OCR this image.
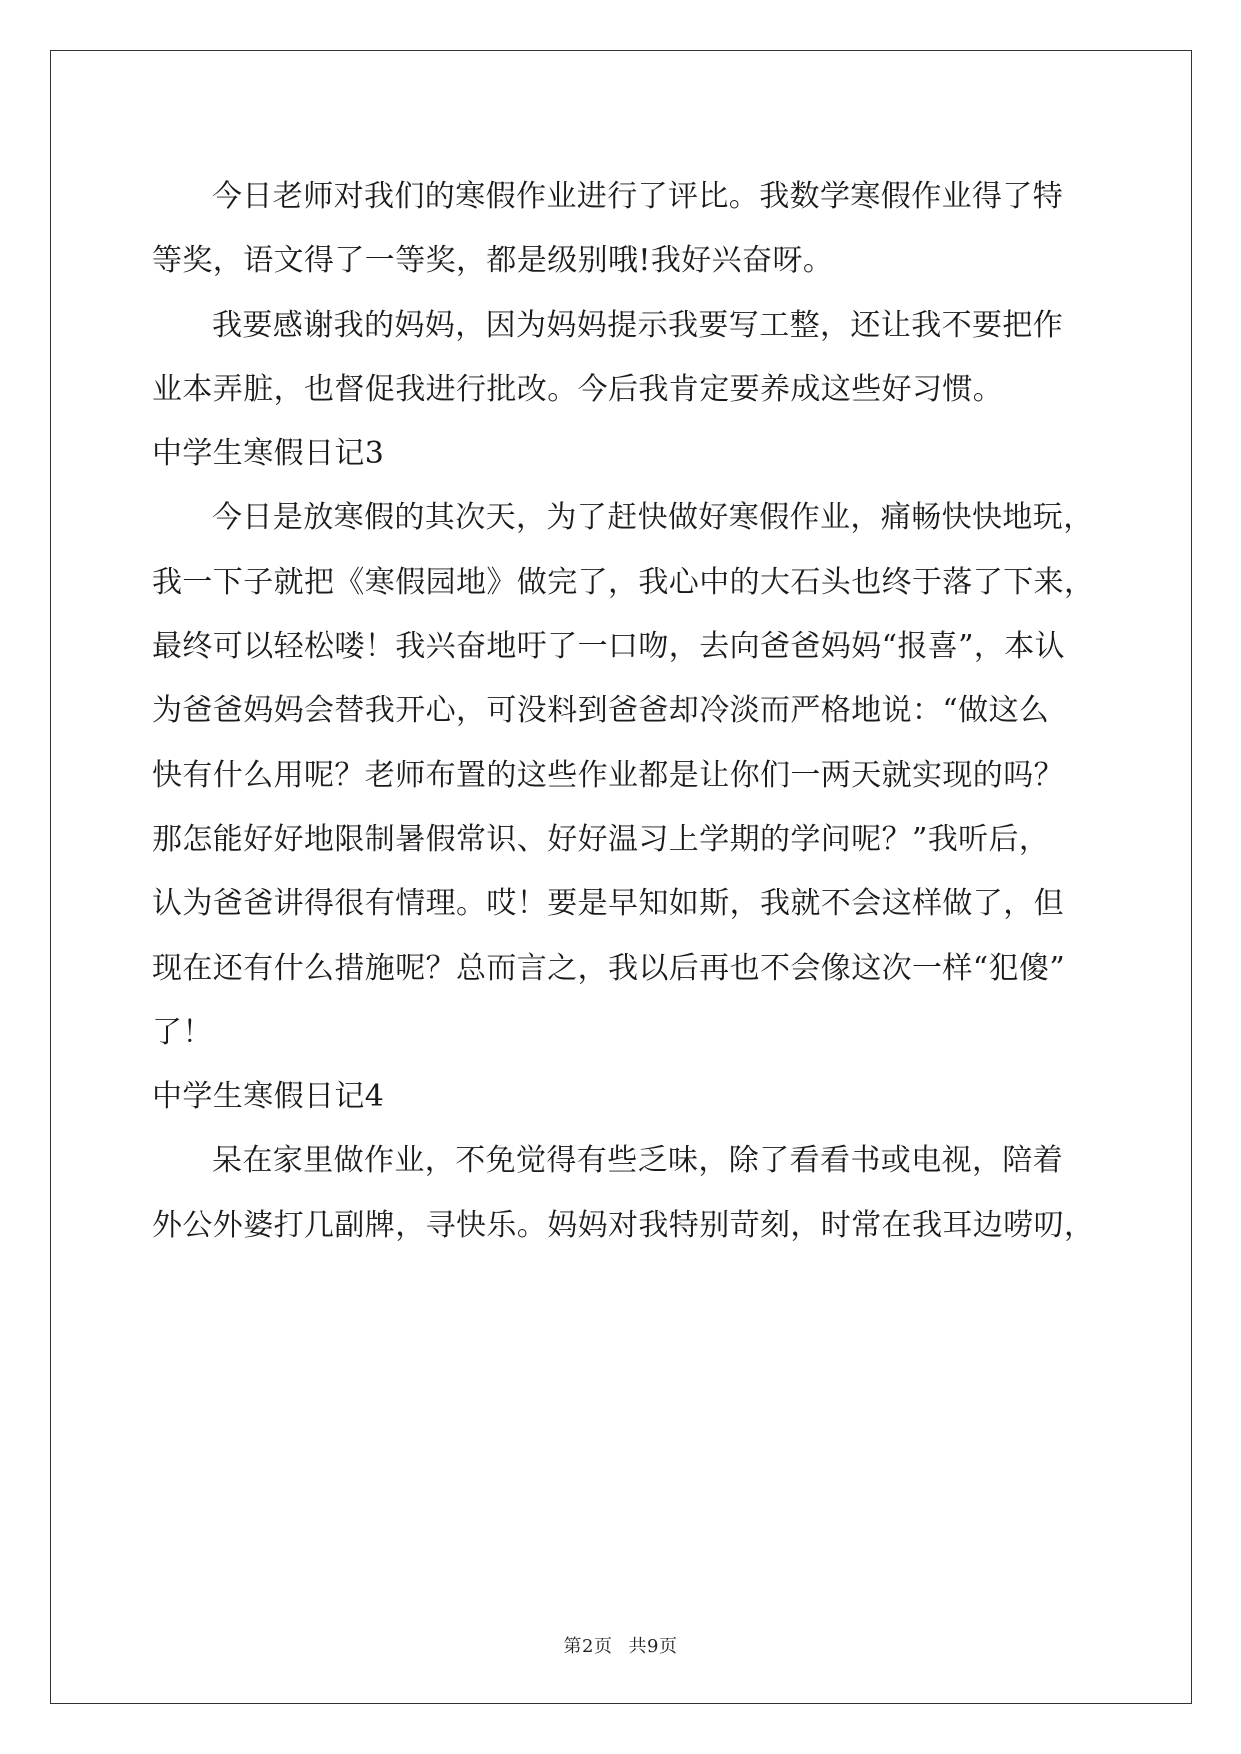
今日老师对我们的寒假作业进行了评比。我数学寒假作业得了特
等奖，语文得了一等奖，都是级别哦!我好兴奋呀。
我要感谢我的妈妈，因为妈妈提示我要写工整，还让我不要把作
业本弄脏，也督促我进行批改。今后我肯定要养成这些好习惯。
中学生寒假日记3
今日是放寒假的其次天，为了赶快做好寒假作业，痛畅快快地玩，
我一下子就把《寒假园地》做完了，我心中的大石头也终于落了下来，
最终可以轻松喽！我兴奋地吁了一口吻，去向爸爸妈妈“报喜”，本认
为爸爸妈妈会替我开心，可没料到爸爸却冷淡而严格地说：“做这么
快有什么用呢？老师布置的这些作业都是让你们一两天就实现的吗？
那怎能好好地限制暑假常识、好好温习上学期的学问呢？”我听后，
认为爸爸讲得很有情理。哎！要是早知如斯，我就不会这样做了，但
现在还有什么措施呢？总而言之，我以后再也不会像这次一样“犯傻”
了！
中学生寒假日记4
呆在家里做作业，不免觉得有些乏味，除了看看书或电视，陪着
外公外婆打几副牌，寻快乐。妈妈对我特别苛刻，时常在我耳边唠叨，
第2页 共9页
